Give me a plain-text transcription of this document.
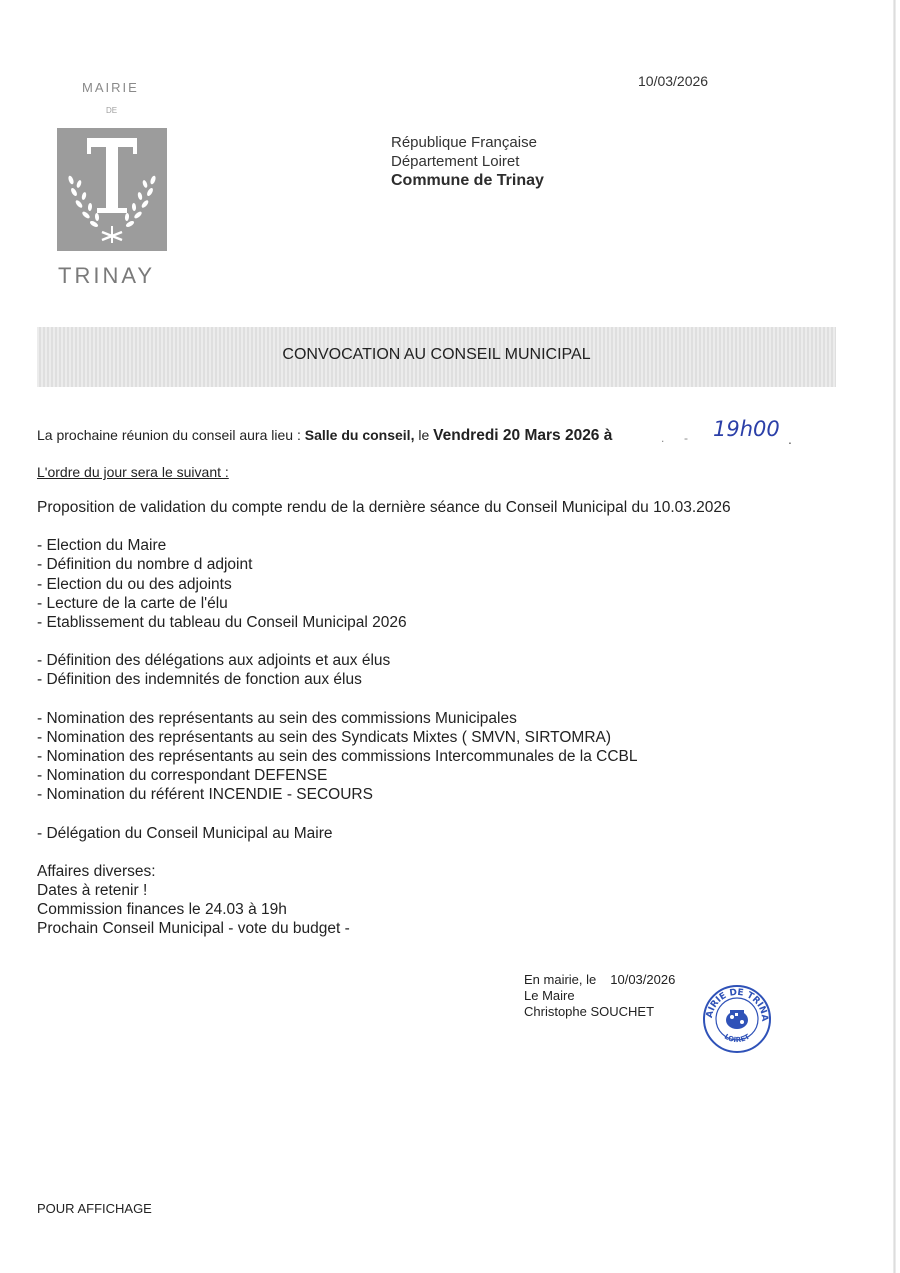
MAIRIE
DE
TRINAY
10/03/2026
République Française
Département Loiret
Commune de Trinay
CONVOCATION AU CONSEIL MUNICIPAL
La prochaine réunion du conseil aura lieu : Salle du conseil, le Vendredi 20 Mars 2026 à	. - 19h00 .
L'ordre du jour sera le suivant :
Proposition de validation du compte rendu de la dernière séance du Conseil Municipal du 10.03.2026
- Election du Maire
- Définition du nombre d adjoint
- Election du ou des adjoints
- Lecture de la carte de l'élu
- Etablissement du tableau du Conseil Municipal 2026
- Définition des délégations aux adjoints et aux élus
- Définition des indemnités de fonction aux élus
- Nomination des représentants au sein des commissions Municipales
- Nomination des représentants au sein des Syndicats Mixtes ( SMVN, SIRTOMRA)
- Nomination des représentants au sein des commissions Intercommunales de la CCBL
- Nomination du correspondant DEFENSE
- Nomination du référent INCENDIE - SECOURS
- Délégation du Conseil Municipal au Maire
Affaires diverses:
Dates à retenir !
Commission finances le 24.03 à 19h
Prochain Conseil Municipal - vote du budget -
En mairie, le 10/03/2026
Le Maire
Christophe SOUCHET	AIRIE DE TRINA
LOIRET
POUR AFFICHAGE
